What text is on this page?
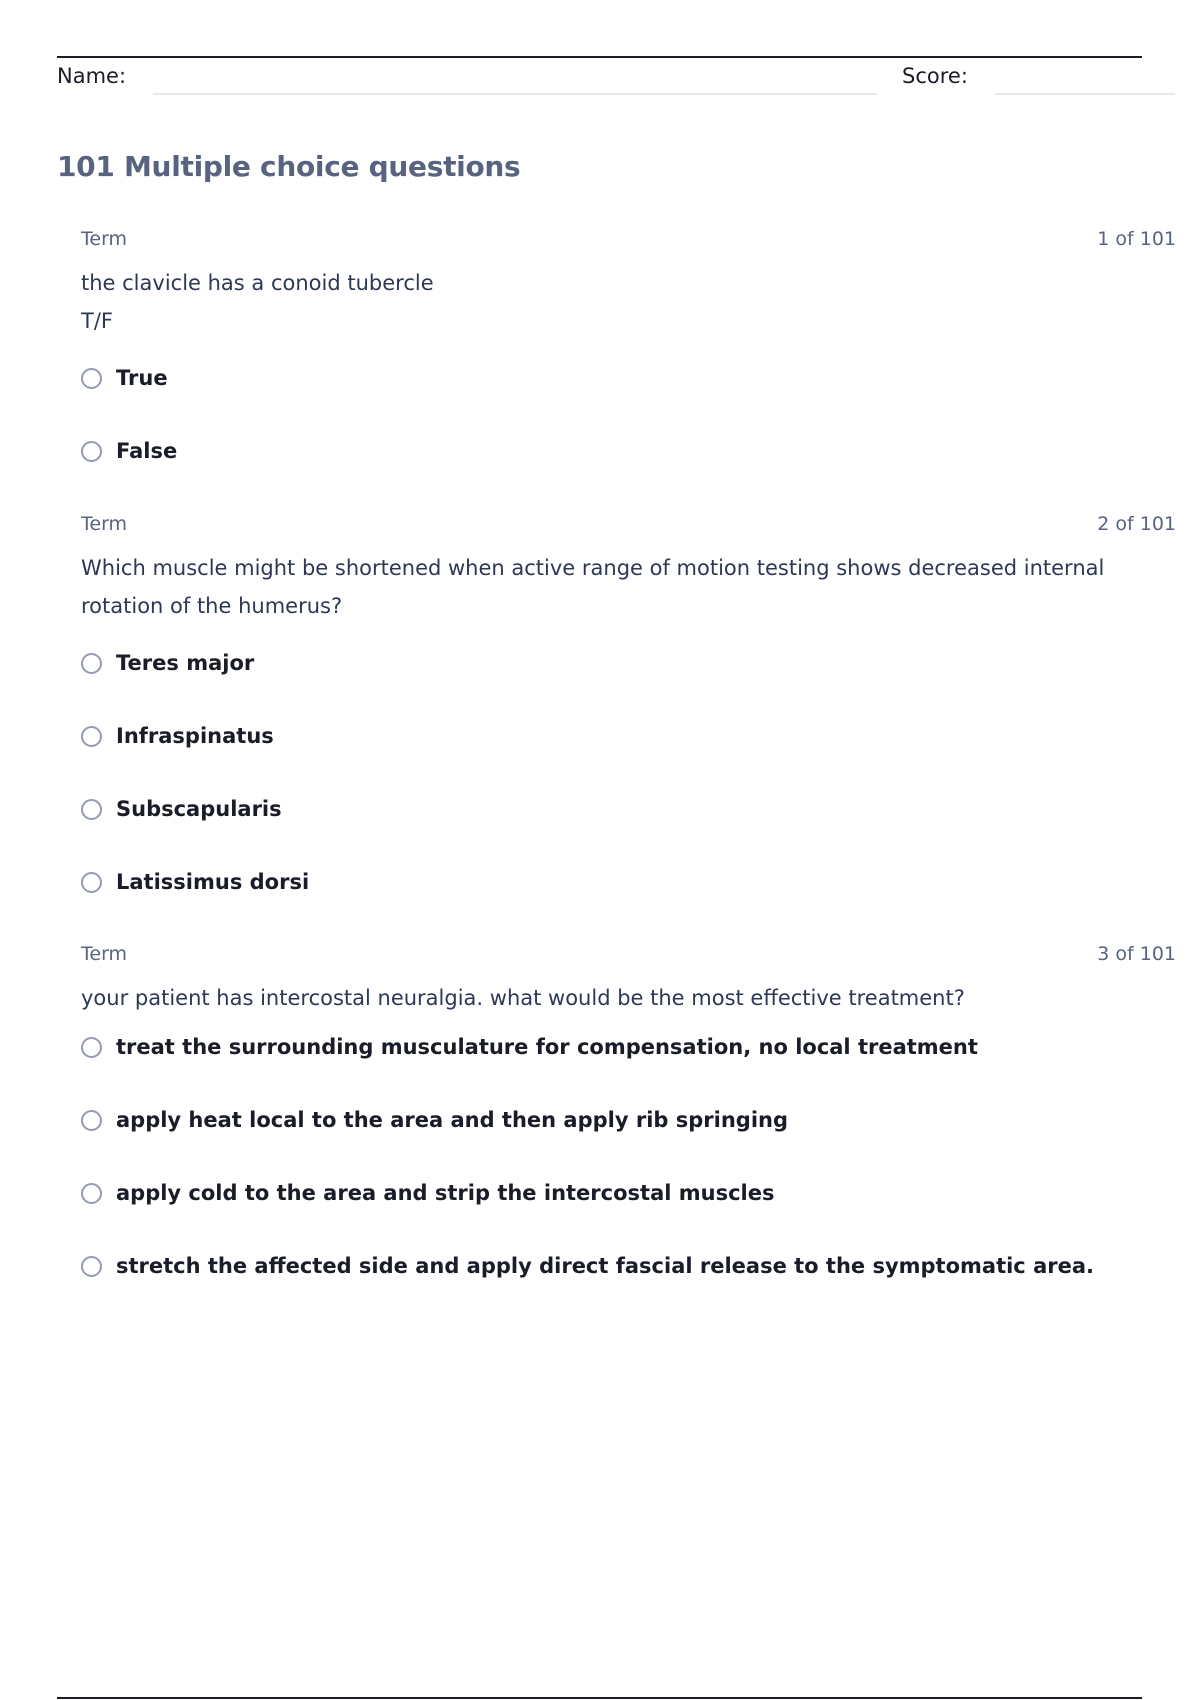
Name:	Score:
101 Multiple choice questions
Term	1 of 101
the clavicle has a conoid tubercle
T/F
True
False
Term	2 of 101
Which muscle might be shortened when active range of motion testing shows decreased internal rotation of the humerus?
Teres major
Infraspinatus
Subscapularis
Latissimus dorsi
Term	3 of 101
your patient has intercostal neuralgia. what would be the most effective treatment?
treat the surrounding musculature for compensation, no local treatment
apply heat local to the area and then apply rib springing
apply cold to the area and strip the intercostal muscles
stretch the affected side and apply direct fascial release to the symptomatic area.
